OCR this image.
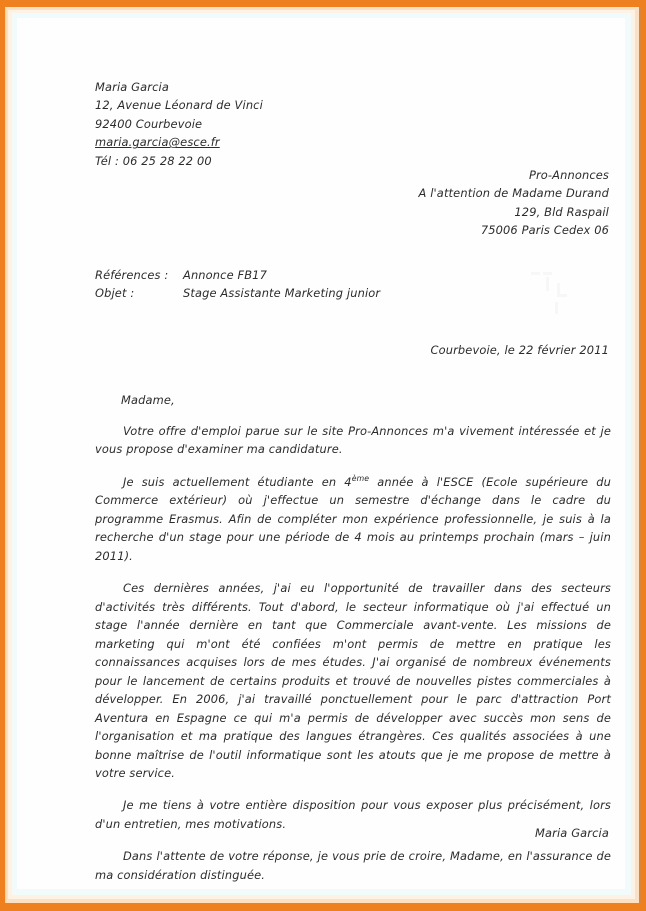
Maria Garcia
12, Avenue Léonard de Vinci
92400 Courbevoie
maria.garcia@esce.fr
Tél : 06 25 28 22 00
Pro-Annonces
A l'attention de Madame Durand
129, Bld Raspail
75006 Paris Cedex 06
Références :	Annonce FB17
Objet :	Stage Assistante Marketing junior
Courbevoie, le 22 février 2011
Madame,

Votre offre d'emploi parue sur le site Pro-Annonces m'a vivement intéressée et je vous propose d'examiner ma candidature.

Je suis actuellement étudiante en 4ème année à l'ESCE (Ecole supérieure du Commerce extérieur) où j'effectue un semestre d'échange dans le cadre du programme Erasmus. Afin de compléter mon expérience professionnelle, je suis à la recherche d'un stage pour une période de 4 mois au printemps prochain (mars – juin 2011).

Ces dernières années, j'ai eu l'opportunité de travailler dans des secteurs d'activités très différents. Tout d'abord, le secteur informatique où j'ai effectué un stage l'année dernière en tant que Commerciale avant-vente. Les missions de marketing qui m'ont été confiées m'ont permis de mettre en pratique les connaissances acquises lors de mes études. J'ai organisé de nombreux événements pour le lancement de certains produits et trouvé de nouvelles pistes commerciales à développer. En 2006, j'ai travaillé ponctuellement pour le parc d'attraction Port Aventura en Espagne ce qui m'a permis de développer avec succès mon sens de l'organisation et ma pratique des langues étrangères. Ces qualités associées à une bonne maîtrise de l'outil informatique sont les atouts que je me propose de mettre à votre service.

Je me tiens à votre entière disposition pour vous exposer plus précisément, lors d'un entretien, mes motivations.

Dans l'attente de votre réponse, je vous prie de croire, Madame, en l'assurance de ma considération distinguée.

Maria Garcia
